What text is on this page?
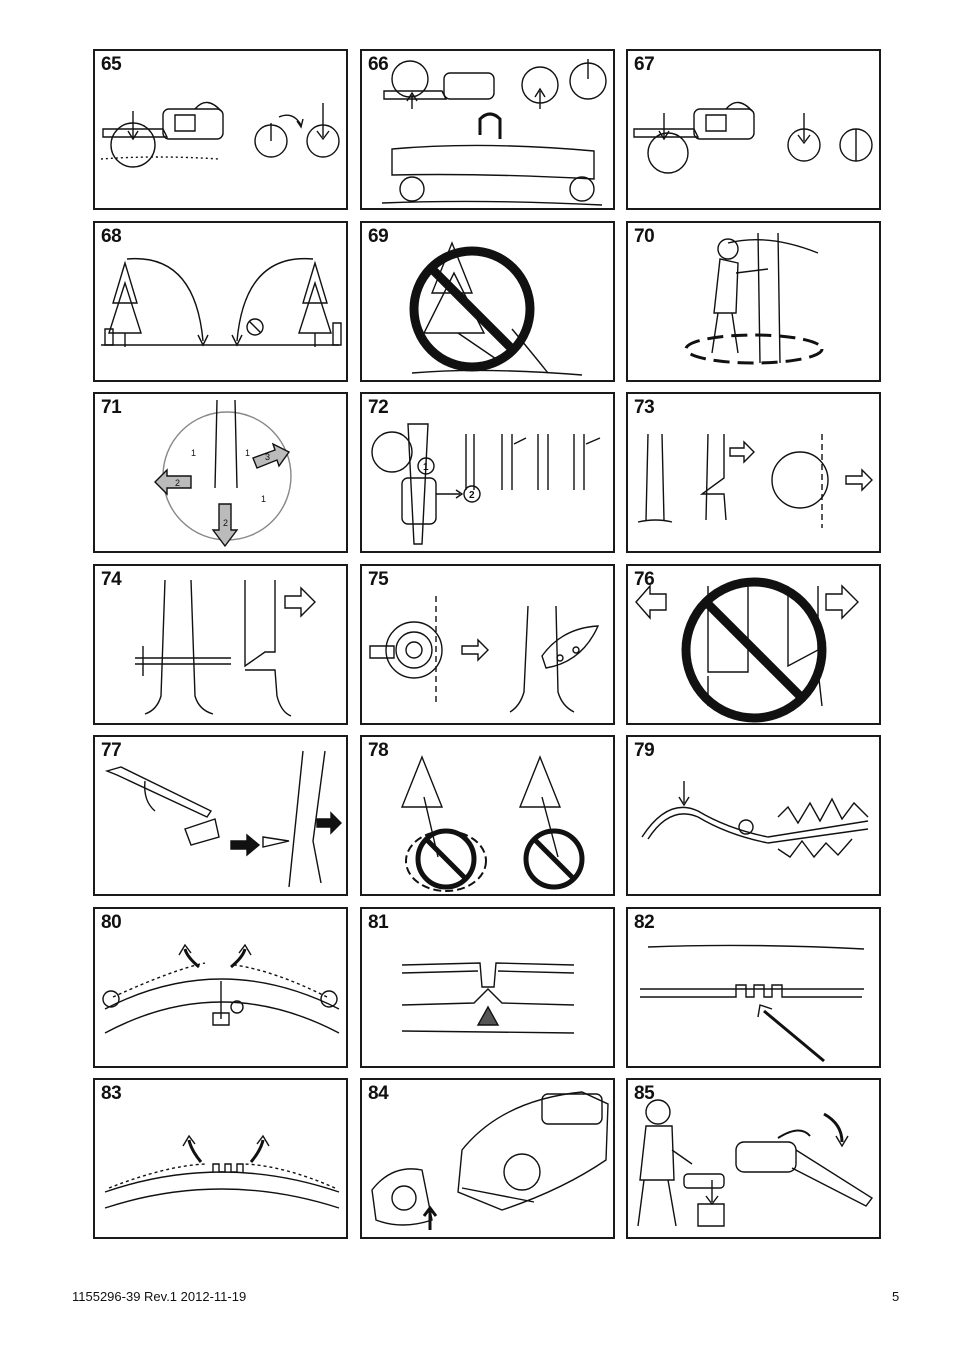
65	66	67
68	69	70
71
1	1
1
2
2
3
72
1
2
73
74	75	76
77	78	79
80	81	82
83	84	85
1155296-39 Rev.1 2012-11-19	5
